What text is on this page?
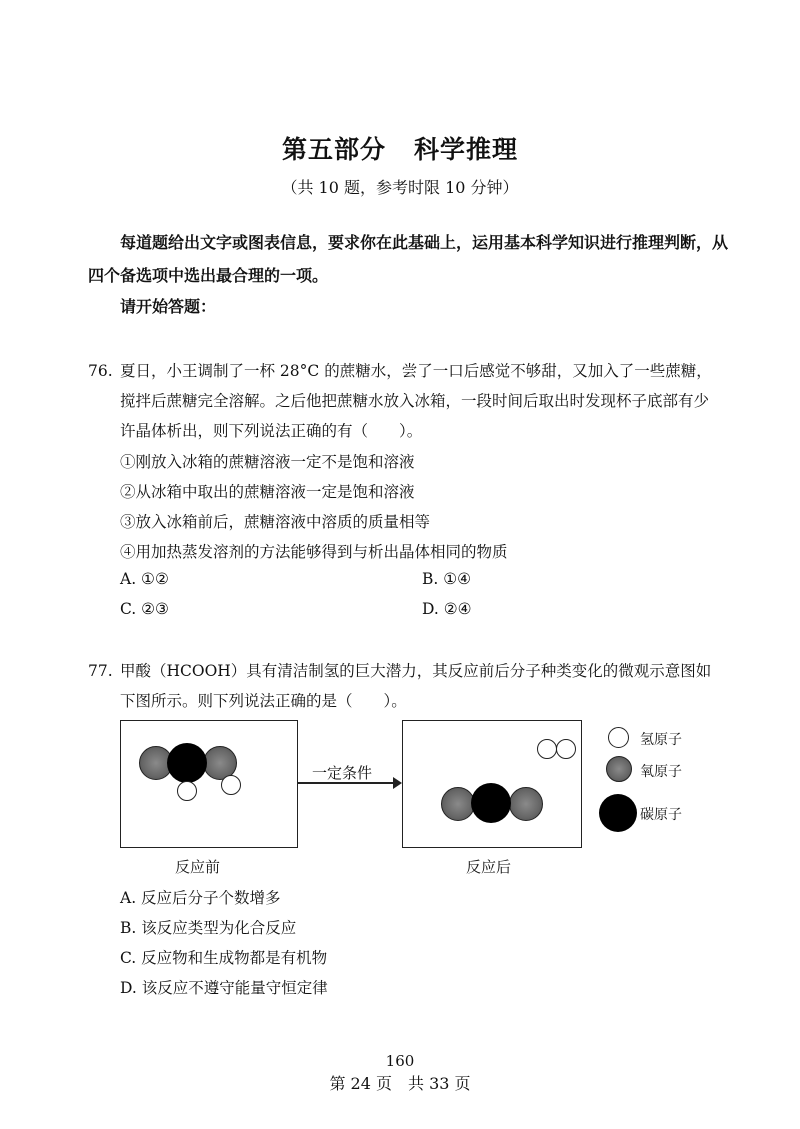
第五部分 科学推理
（共 10 题，参考时限 10 分钟）
每道题给出文字或图表信息，要求你在此基础上，运用基本科学知识进行推理判断，从四个备选项中选出最合理的一项。
请开始答题：
76. 夏日，小王调制了一杯 28°C 的蔗糖水，尝了一口后感觉不够甜，又加入了一些蔗糖，搅拌后蔗糖完全溶解。之后他把蔗糖水放入冰箱，一段时间后取出时发现杯子底部有少许晶体析出，则下列说法正确的有（　　）。
①刚放入冰箱的蔗糖溶液一定不是饱和溶液
②从冰箱中取出的蔗糖溶液一定是饱和溶液
③放入冰箱前后，蔗糖溶液中溶质的质量相等
④用加热蒸发溶剂的方法能够得到与析出晶体相同的物质
A. ①②	B. ①④
C. ②③	D. ②④
77. 甲酸（HCOOH）具有清洁制氢的巨大潜力，其反应前后分子种类变化的微观示意图如下图所示。则下列说法正确的是（　　）。
一定条件
氢原子
氧原子
碳原子
反应前	反应后
A. 反应后分子个数增多
B. 该反应类型为化合反应
C. 反应物和生成物都是有机物
D. 该反应不遵守能量守恒定律
160
第 24 页　共 33 页
